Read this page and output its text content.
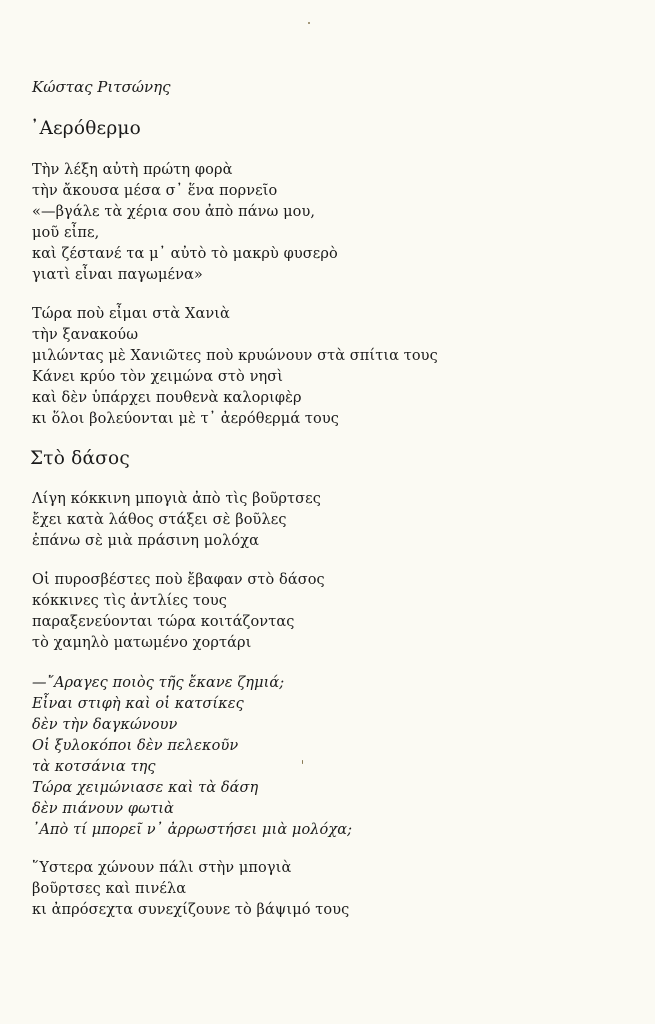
Κώστας Ριτσώνης
᾿Αερόθερμο
Τὴν λέξη αὐτὴ πρώτη φορὰ
τὴν ἄκουσα μέσα σ᾿ ἕνα πορνεῖο
«—βγάλε τὰ χέρια σου ἀπὸ πάνω μου,
μοῦ εἶπε,
καὶ ζέστανέ τα μ᾿ αὐτὸ τὸ μακρὺ φυσερὸ
γιατὶ εἶναι παγωμένα»
Τώρα ποὺ εἶμαι στὰ Χανιὰ
τὴν ξανακούω
μιλώντας μὲ Χανιῶτες ποὺ κρυώνουν στὰ σπίτια τους
Κάνει κρύο τὸν χειμώνα στὸ νησὶ
καὶ δὲν ὑπάρχει πουθενὰ καλοριφὲρ
κι ὅλοι βολεύονται μὲ τ᾿ ἀερόθερμά τους
Στὸ δάσος
Λίγη κόκκινη μπογιὰ ἀπὸ τὶς βοῦρτσες
ἔχει κατὰ λάθος στάξει σὲ βοῦλες
ἐπάνω σὲ μιὰ πράσινη μολόχα
Οἱ πυροσβέστες ποὺ ἔβαφαν στὸ δάσος
κόκκινες τὶς ἀντλίες τους
παραξενεύονται τώρα κοιτάζοντας
τὸ χαμηλὸ ματωμένο χορτάρι
—῎Αραγες ποιὸς τῆς ἔκανε ζημιά;
Εἶναι στιφὴ καὶ οἱ κατσίκες
δὲν τὴν δαγκώνουν
Οἱ ξυλοκόποι δὲν πελεκοῦν
τὰ κοτσάνια της
Τώρα χειμώνιασε καὶ τὰ δάση
δὲν πιάνουν φωτιὰ
᾿Απὸ τί μπορεῖ ν᾿ ἀρρωστήσει μιὰ μολόχα;
῞Υστερα χώνουν πάλι στὴν μπογιὰ
βοῦρτσες καὶ πινέλα
κι ἀπρόσεχτα συνεχίζουνε τὸ βάψιμό τους
